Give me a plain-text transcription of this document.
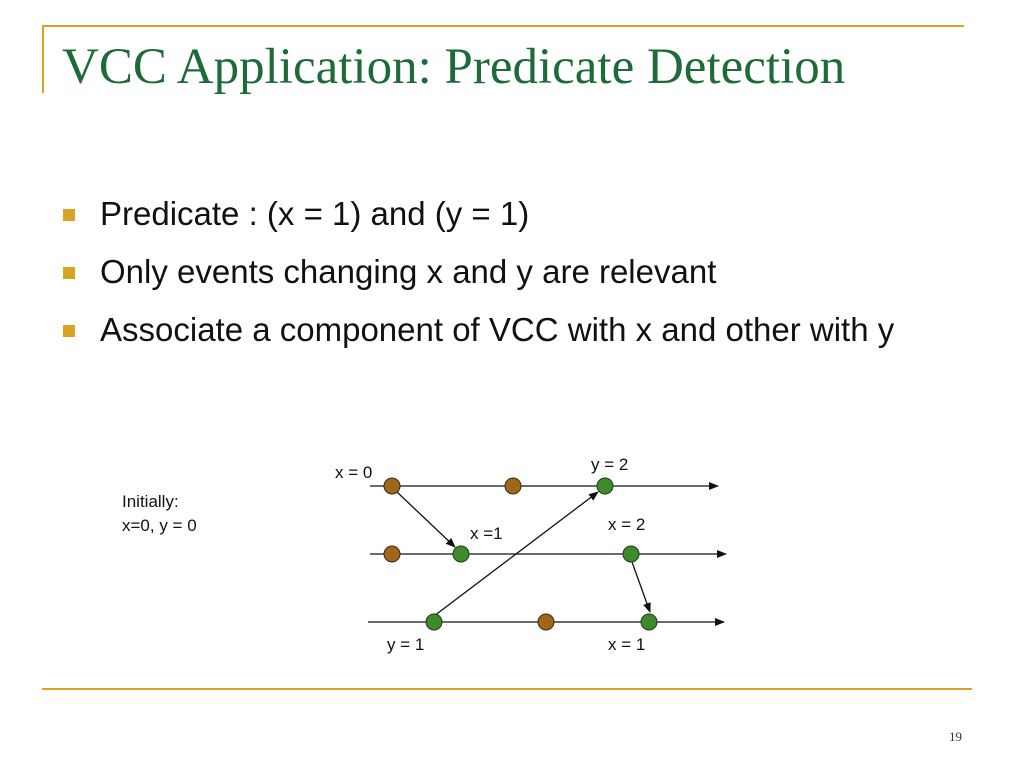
VCC Application: Predicate Detection
Predicate : (x = 1) and (y = 1)
Only events changing x and y are relevant
Associate a component of VCC with x and other with y
Initially:
x=0, y = 0
x = 0	y = 2
x =1	x = 2
y = 1	x = 1
19
